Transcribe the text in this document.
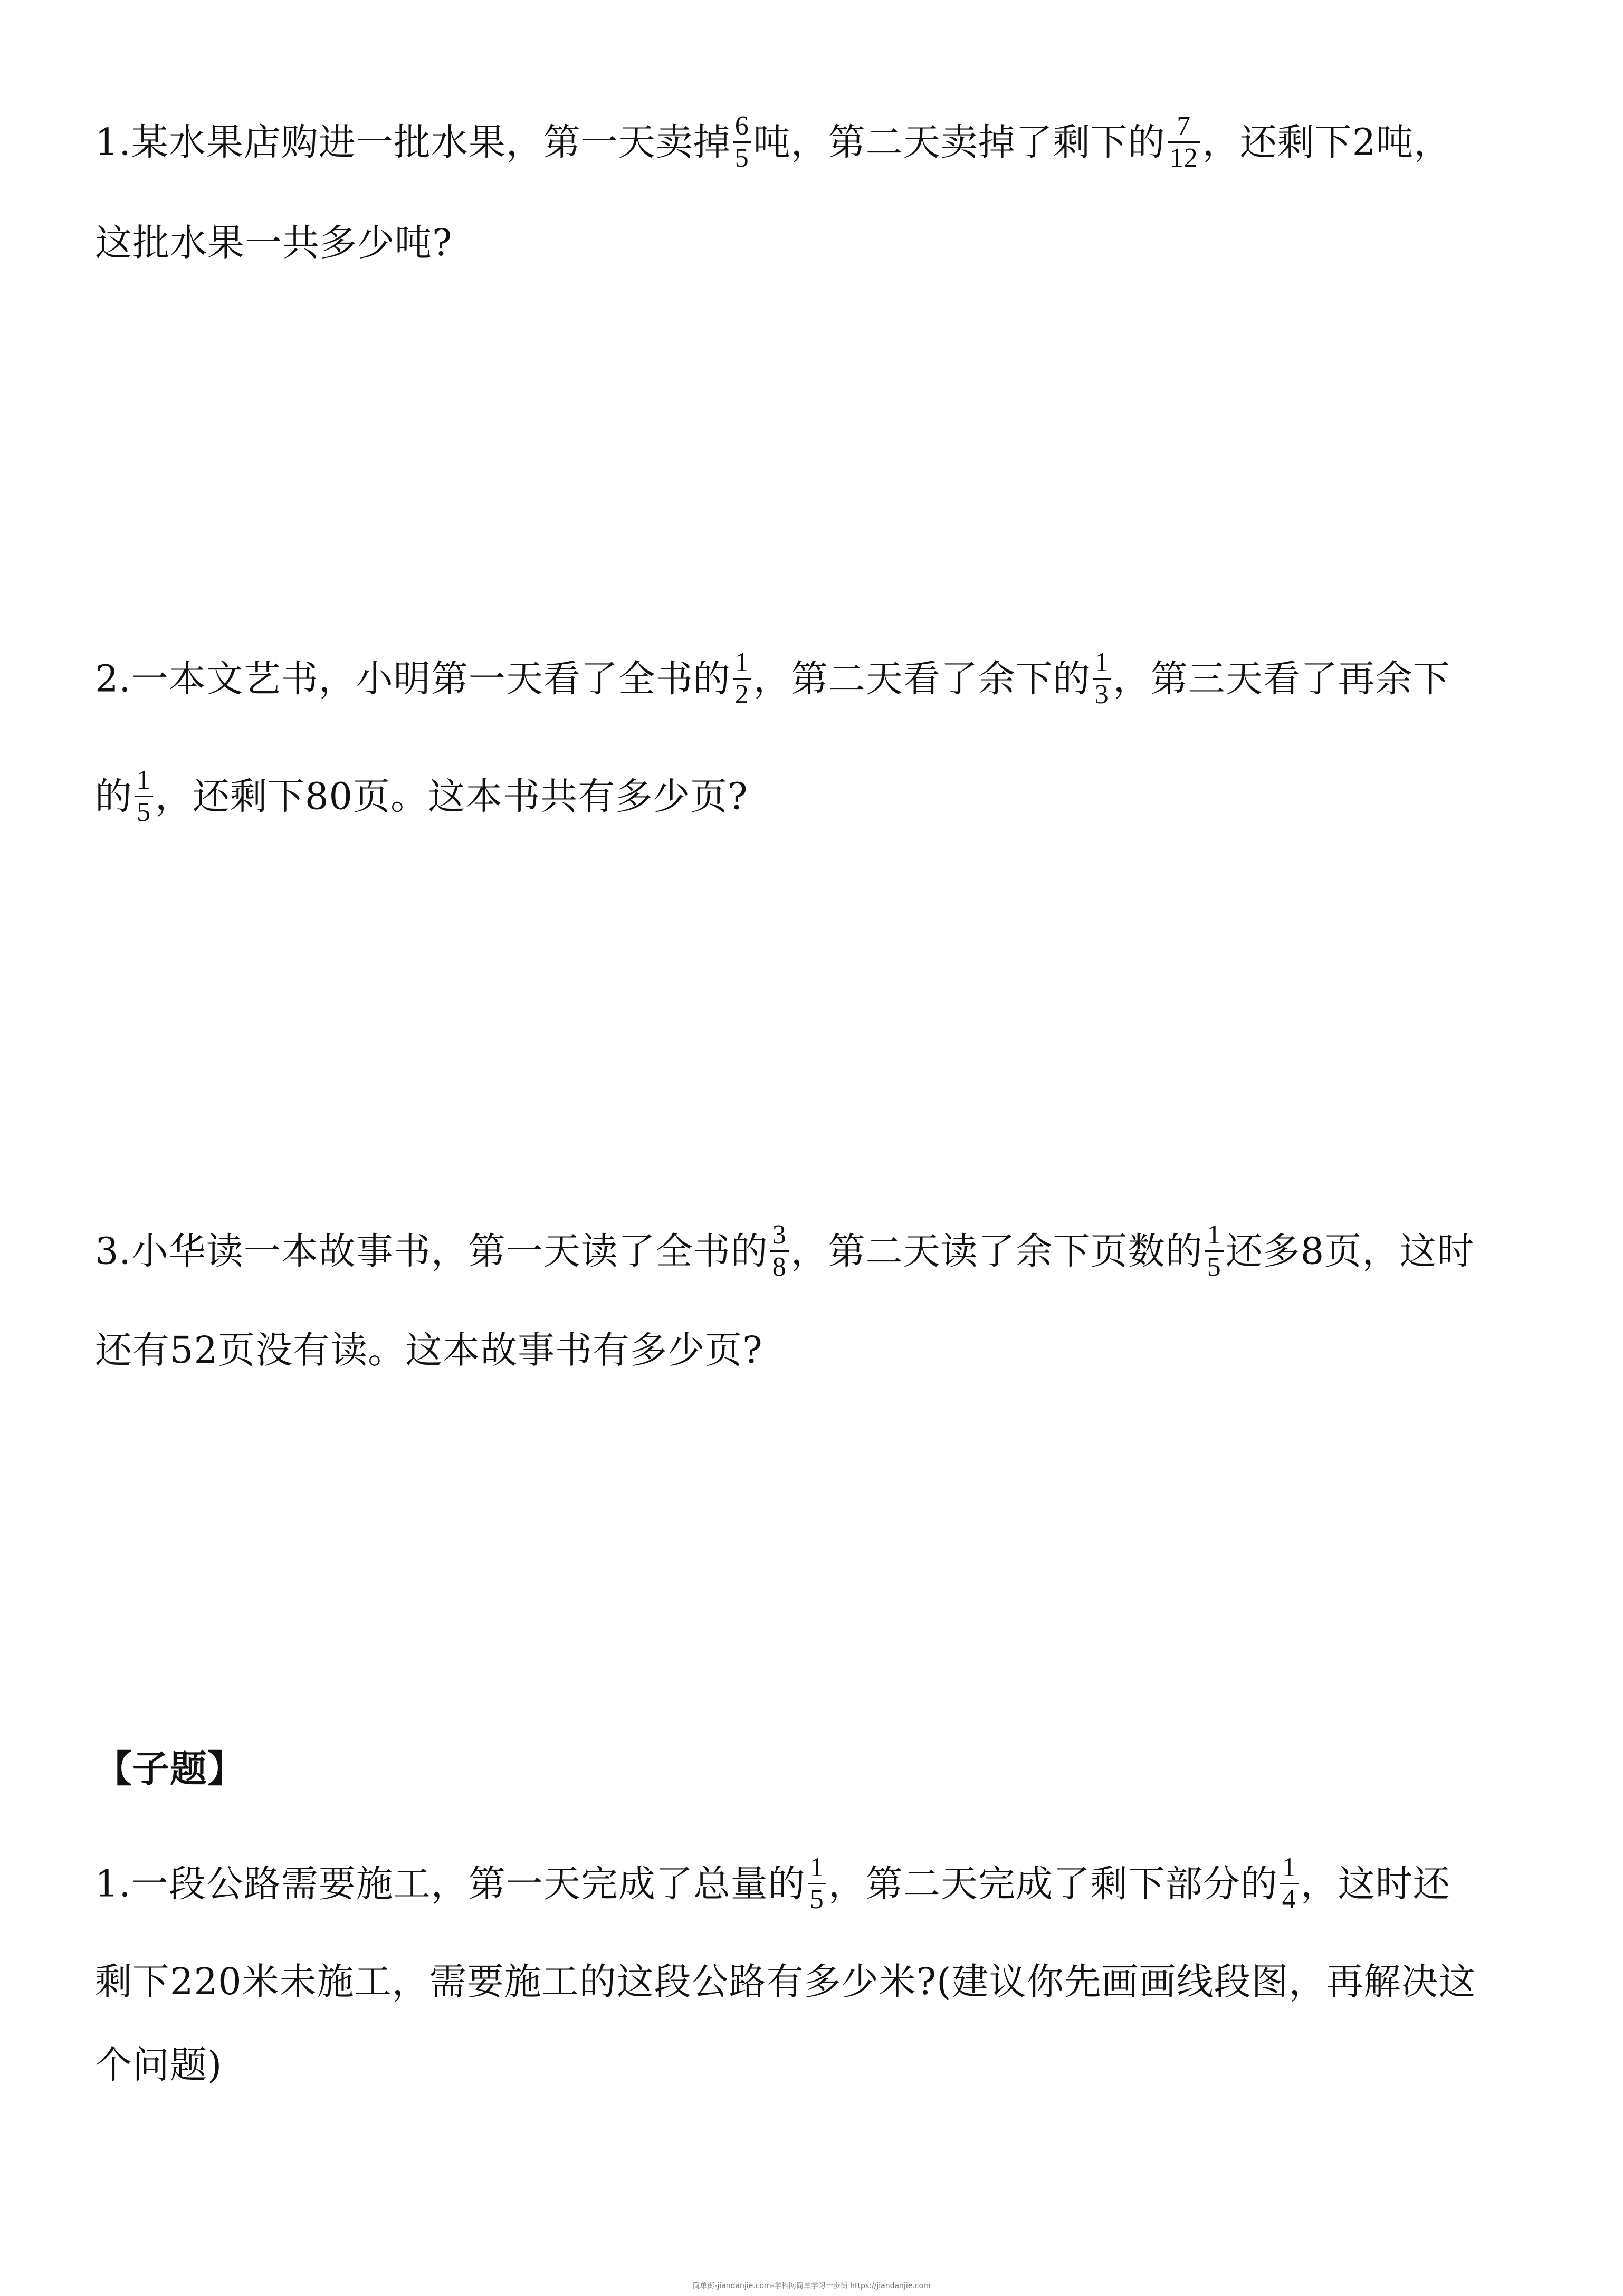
1.某水果店购进一批水果，第一天卖掉 $\frac{6}{5}$ 吨，第二天卖掉了剩下的 $\frac{7}{12}$ ，还剩下2吨，
这批水果一共多少吨?
2.一本文艺书，小明第一天看了全书的 $\frac{1}{2}$ ，第二天看了余下的 $\frac{1}{3}$ ，第三天看了再余下
的 $\frac{1}{5}$ ，还剩下80页。这本书共有多少页?
3.小华读一本故事书，第一天读了全书的 $\frac{3}{8}$ ，第二天读了余下页数的 $\frac{1}{5}$ 还多8页，这时
还有52页没有读。这本故事书有多少页?
【子题】
1.一段公路需要施工，第一天完成了总量的 $\frac{1}{5}$ ，第二天完成了剩下部分的 $\frac{1}{4}$ ，这时还
剩下220米未施工，需要施工的这段公路有多少米?(建议你先画画线段图，再解决这
个问题)
简单街-jiandanjie.com-学科网简单学习一步街 https://jiandanjie.com
